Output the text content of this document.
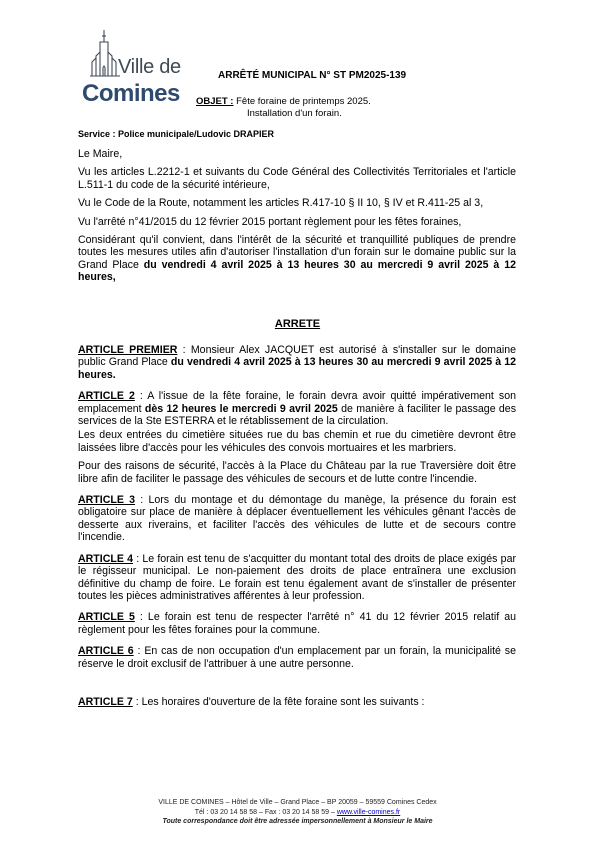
Ville de
Comines
ARRÊTÉ MUNICIPAL N° ST PM2025-139
OBJET : Fête foraine de printemps 2025.
Installation d'un forain.
Service : Police municipale/Ludovic DRAPIER

Le Maire,

Vu les articles L.2212-1 et suivants du Code Général des Collectivités Territoriales et l'article L.511-1 du code de la sécurité intérieure,

Vu le Code de la Route, notamment les articles R.417-10 § II 10, § IV et R.411-25 al 3,

Vu l'arrêté n°41/2015 du 12 février 2015 portant règlement pour les fêtes foraines,

Considérant qu'il convient, dans l'intérêt de la sécurité et tranquillité publiques de prendre toutes les mesures utiles afin d'autoriser l'installation d'un forain sur le domaine public sur la Grand Place du vendredi 4 avril 2025 à 13 heures 30 au mercredi 9 avril 2025 à 12 heures,

ARRETE

ARTICLE PREMIER : Monsieur Alex JACQUET est autorisé à s'installer sur le domaine public Grand Place du vendredi 4 avril 2025 à 13 heures 30 au mercredi 9 avril 2025 à 12 heures.

ARTICLE 2 : A l'issue de la fête foraine, le forain devra avoir quitté impérativement son emplacement dès 12 heures le mercredi 9 avril 2025 de manière à faciliter le passage des services de la Ste ESTERRA et le rétablissement de la circulation.

Les deux entrées du cimetière situées rue du bas chemin et rue du cimetière devront être laissées libre d'accès pour les véhicules des convois mortuaires et les marbriers.

Pour des raisons de sécurité, l'accès à la Place du Château par la rue Traversière doit être libre afin de faciliter le passage des véhicules de secours et de lutte contre l'incendie.

ARTICLE 3 : Lors du montage et du démontage du manège, la présence du forain est obligatoire sur place de manière à déplacer éventuellement les véhicules gênant l'accès de desserte aux riverains, et faciliter l'accès des véhicules de lutte et de secours contre l'incendie.

ARTICLE 4 : Le forain est tenu de s'acquitter du montant total des droits de place exigés par le régisseur municipal. Le non-paiement des droits de place entraînera une exclusion définitive du champ de foire. Le forain est tenu également avant de s'installer de présenter toutes les pièces administratives afférentes à leur profession.

ARTICLE 5 : Le forain est tenu de respecter l'arrêté n° 41 du 12 février 2015 relatif au règlement pour les fêtes foraines pour la commune.

ARTICLE 6 : En cas de non occupation d'un emplacement par un forain, la municipalité se réserve le droit exclusif de l'attribuer à une autre personne.

ARTICLE 7 : Les horaires d'ouverture de la fête foraine sont les suivants :

VILLE DE COMINES – Hôtel de Ville – Grand Place – BP 20059 – 59559 Comines Cedex
Tél : 03 20 14 58 58 – Fax : 03 20 14 58 59 – www.ville-comines.fr
Toute correspondance doit être adressée impersonnellement à Monsieur le Maire
